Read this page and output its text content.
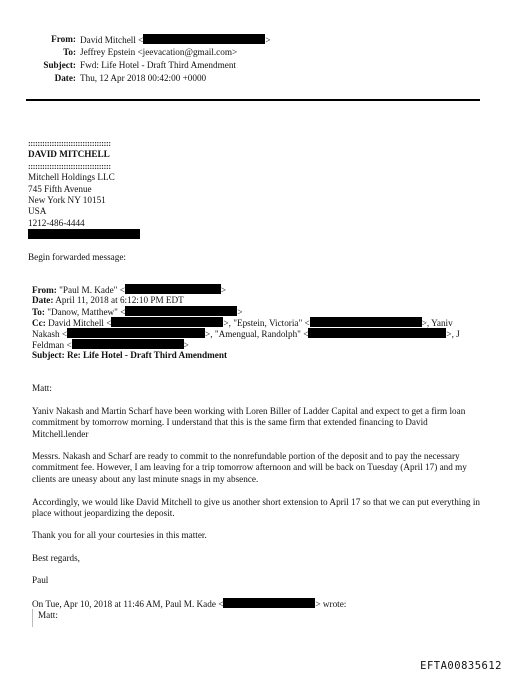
From: David Mitchell <	>
To: Jeffrey Epstein <jeevacation@gmail.com>
Subject: Fwd: Life Hotel - Draft Third Amendment
Date: Thu, 12 Apr 2018 00:42:00 +0000
:::::::::::::::::::::::::::::::::::
DAVID MITCHELL
:::::::::::::::::::::::::::::::::::
Mitchell Holdings LLC
745 Fifth Avenue
New York NY 10151
USA
1212-486-4444
Begin forwarded message:
From: "Paul M. Kade" <	>
Date: April 11, 2018 at 6:12:10 PM EDT
To: "Danow, Matthew" <	>
Cc: David Mitchell <	>, "Epstein, Victoria" <	>, Yaniv
Nakash <	>, "Amengual, Randolph" <	>, J
Feldman <	>
Subject: Re: Life Hotel - Draft Third Amendment
Matt:
Yaniv Nakash and Martin Scharf have been working with Loren Biller of Ladder Capital and expect to get a firm loan commitment by tomorrow morning. I understand that this is the same firm that extended financing to David Mitchell.lender
Messrs. Nakash and Scharf are ready to commit to the nonrefundable portion of the deposit and to pay the necessary commitment fee. However, I am leaving for a trip tomorrow afternoon and will be back on Tuesday (April 17) and my clients are uneasy about any last minute snags in my absence.
Accordingly, we would like David Mitchell to give us another short extension to April 17 so that we can put everything in place without jeopardizing the deposit.
Thank you for all your courtesies in this matter.
Best regards,
Paul
On Tue, Apr 10, 2018 at 11:46 AM, Paul M. Kade <	> wrote:
Matt:
EFTA00835612
